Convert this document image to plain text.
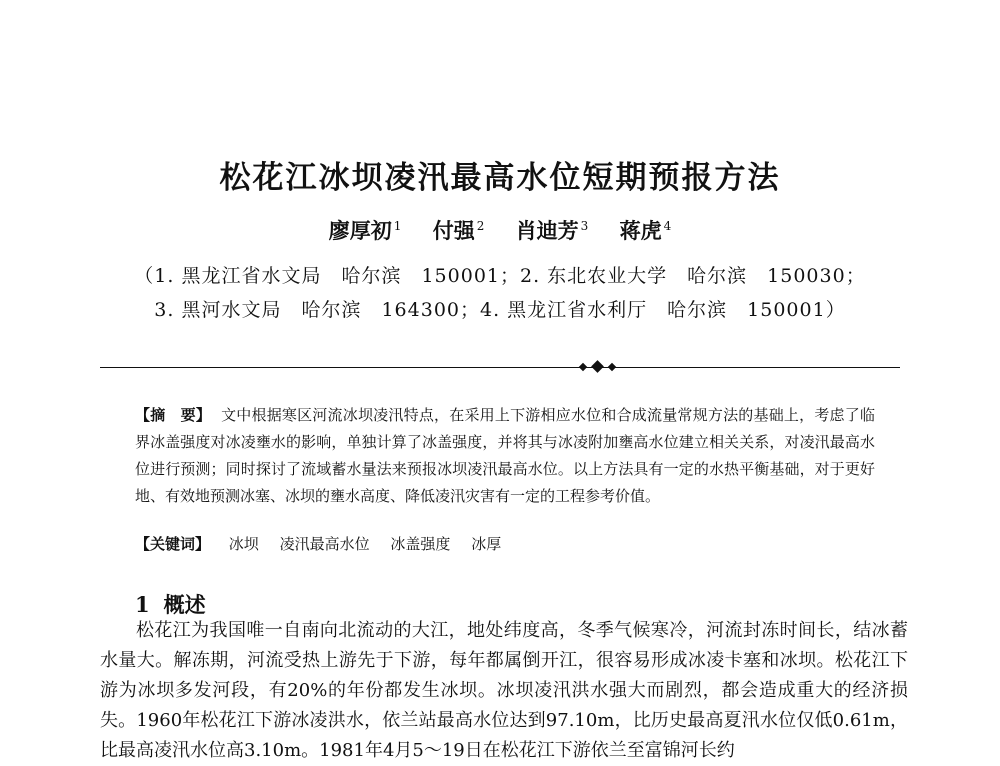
松花江冰坝凌汛最高水位短期预报方法
廖厚初 $^1$ 付强 $^2$ 肖迪芳 $^3$ 蒋虎 $^4$
（1. 黑龙江省水文局　哈尔滨　150001；2. 东北农业大学　哈尔滨　150030；
3. 黑河水文局　哈尔滨　164300；4. 黑龙江省水利厅　哈尔滨　150001）
【摘　要】 文中根据寒区河流冰坝凌汛特点，在采用上下游相应水位和合成流量常规方法的基础上，考虑了临界冰盖强度对冰凌壅水的影响，单独计算了冰盖强度，并将其与冰凌附加壅高水位建立相关关系，对凌汛最高水位进行预测；同时探讨了流域蓄水量法来预报冰坝凌汛最高水位。以上方法具有一定的水热平衡基础，对于更好地、有效地预测冰塞、冰坝的壅水高度、降低凌汛灾害有一定的工程参考价值。
【关键词】 冰坝 凌汛最高水位 冰盖强度 冰厚
1 概述
松花江为我国唯一自南向北流动的大江，地处纬度高，冬季气候寒冷，河流封冻时间长，结冰蓄水量大。解冻期，河流受热上游先于下游，每年都属倒开江，很容易形成冰凌卡塞和冰坝。松花江下游为冰坝多发河段，有20%的年份都发生冰坝。冰坝凌汛洪水强大而剧烈，都会造成重大的经济损失。1960年松花江下游冰凌洪水，依兰站最高水位达到97.10m，比历史最高夏汛水位仅低0.61m，比最高凌汛水位高3.10m。1981年4月5～19日在松花江下游依兰至富锦河长约
